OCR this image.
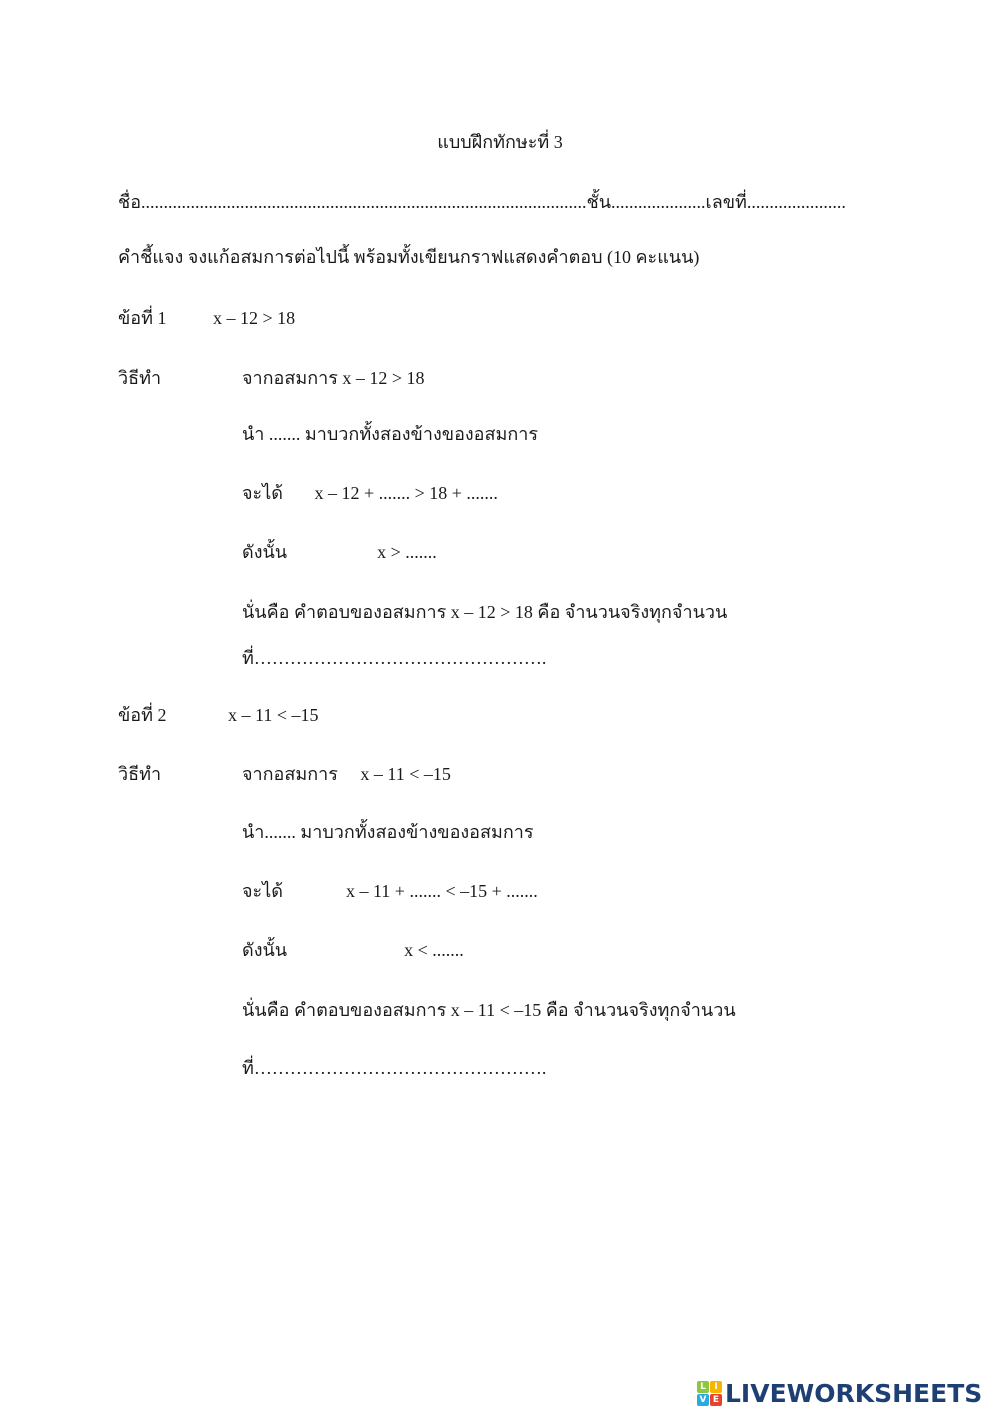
แบบฝึกทักษะที่ 3
ชื่อ...................................................................................................ชั้น.....................เลขที่......................
คำชี้แจง จงแก้อสมการต่อไปนี้ พร้อมทั้งเขียนกราฟแสดงคำตอบ (10 คะแนน)
ข้อที่ 1	x – 12 > 18
วิธีทำ	จากอสมการ x – 12 > 18
นำ ....... มาบวกทั้งสองข้างของอสมการ
จะได้       x – 12 + ....... > 18 + .......
ดังนั้น                    x > .......
นั่นคือ คำตอบของอสมการ x – 12 > 18 คือ จำนวนจริงทุกจำนวน
ที่………………………………………….
ข้อที่ 2	x – 11 < –15
วิธีทำ	จากอสมการ     x – 11 < –15
นำ....... มาบวกทั้งสองข้างของอสมการ
จะได้              x – 11 + ....... < –15 + .......
ดังนั้น                          x < .......
นั่นคือ คำตอบของอสมการ x – 11 < –15 คือ จำนวนจริงทุกจำนวน
ที่………………………………………….
L I
V E LIVEWORKSHEETS
